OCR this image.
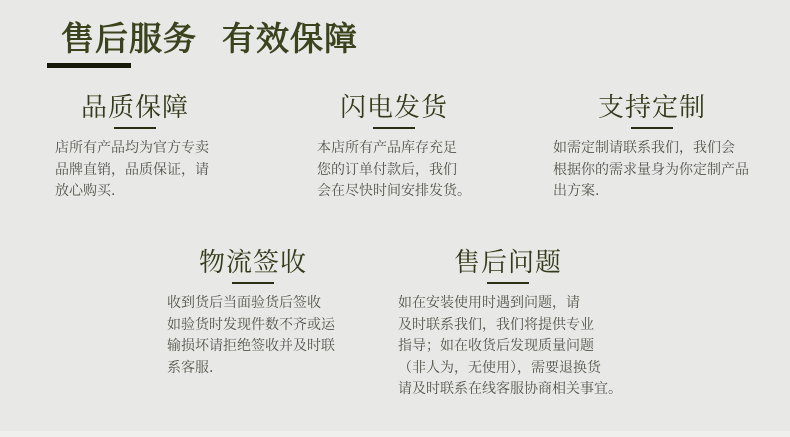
售后服务  有效保障
品质保障
店所有产品均为官方专卖
品牌直销，品质保证，请
放心购买.
闪电发货
本店所有产品库存充足
您的订单付款后，我们
会在尽快时间安排发货。
支持定制
如需定制请联系我们，我们会
根据你的需求量身为你定制产品
出方案.
物流签收
收到货后当面验货后签收
如验货时发现件数不齐或运
输损坏请拒绝签收并及时联
系客服.
售后问题
如在安装使用时遇到问题，请
及时联系我们，我们将提供专业
指导；如在收货后发现质量问题
（非人为，无使用），需要退换货
请及时联系在线客服协商相关事宜。
